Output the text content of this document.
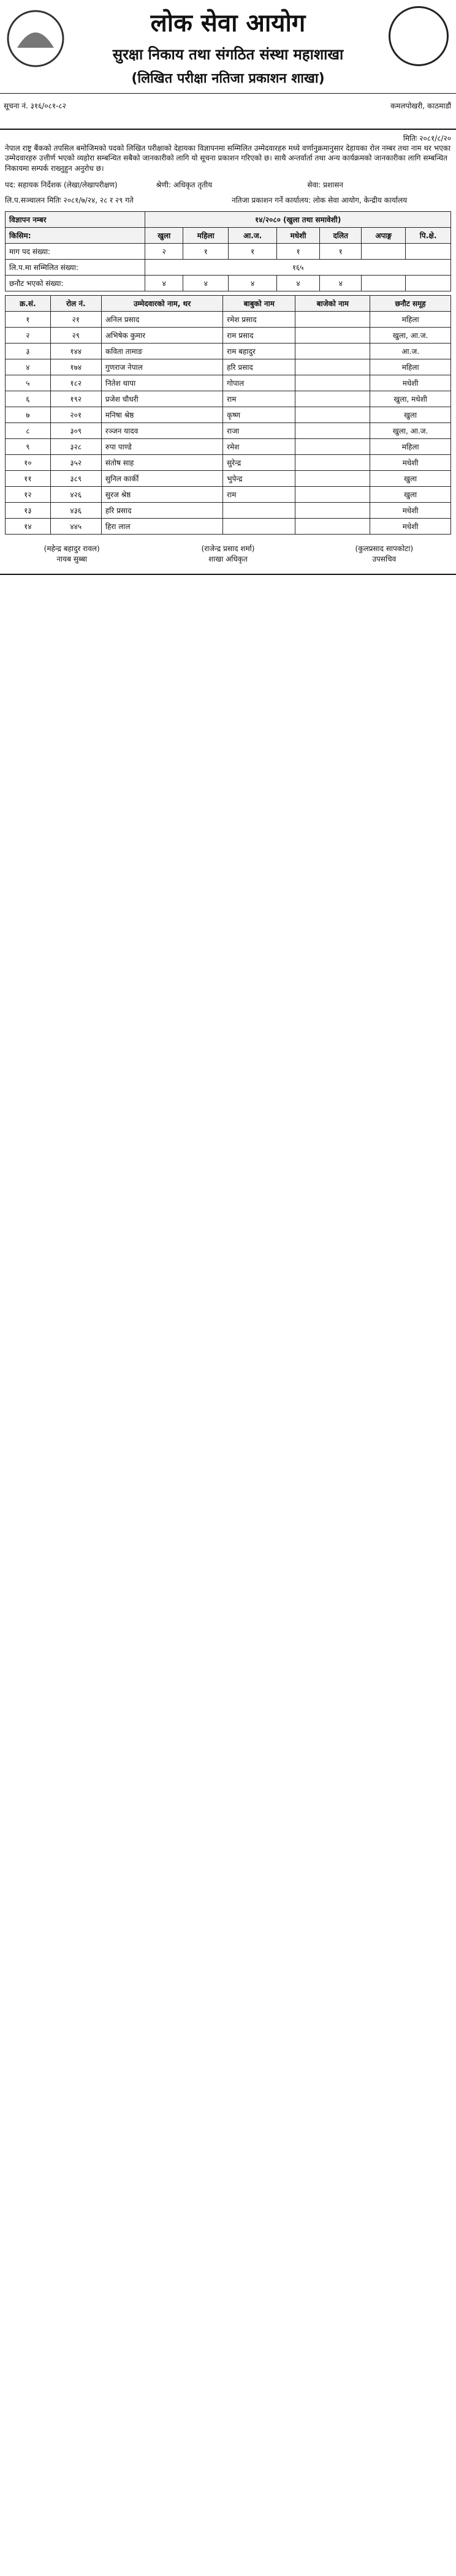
लोक सेवा आयोग
सुरक्षा निकाय तथा संगठित संस्था महाशाखा
(लिखित परीक्षा नतिजा प्रकाशन शाखा)
सूचना नं. ३१६/०८१-८२	कमलपोखरी, काठमाडौं
मितिः २०८१/८/२०
नेपाल राष्ट्र बैंकको तपसिल बमोजिमको पदको लिखित परीक्षाको देहायका विज्ञापनमा सम्मिलित उम्मेदवारहरु मध्ये वर्णानुक्रमानुसार देहायका रोल नम्बर तथा नाम थर भएका उम्मेदवारहरु उत्तीर्ण भएको व्यहोरा सम्बन्धित सबैको जानकारीको लागि यो सूचना प्रकाशन गरिएको छ। साथै अन्तर्वार्ता तथा अन्य कार्यक्रमको जानकारीका लागि सम्बन्धित निकायमा सम्पर्क राख्नुहुन अनुरोध छ।
पद: सहायक निर्देशक (लेखा/लेखापरीक्षण)	श्रेणी: अधिकृत तृतीय	सेवा: प्रशासन
लि.प.सञ्चालन मितिः २०८१/७/२४, २८ र २९ गते	नतिजा प्रकाशन गर्ने कार्यालय: लोक सेवा आयोग, केन्द्रीय कार्यालय
विज्ञापन नम्बर	१४/२०८० (खुला तथा समावेशी)						
किसिम:	खुला	महिला	आ.ज.	मधेशी	दलित	अपाङ्ग	पि.क्षे.
माग पद संख्या:	२	१	१	१	१		
लि.प.मा सम्मिलित संख्या:	१६५						
छनौट भएको संख्या:	४	४	४	४	४		
क्र.सं.	रोल नं.	उम्मेदवारको नाम, थर	बाबुको नाम	बाजेको नाम	छनौट समूह
१	२१	अनिल प्रसाद	रमेश प्रसाद		महिला
२	२९	अभिषेक कुमार	राम प्रसाद		खुला, आ.ज.
३	१४४	कविता तामाङ	राम बहादुर		आ.ज.
४	१७४	गुणराज नेपाल	हरि प्रसाद		महिला
५	१८२	नितेश थापा	गोपाल		मधेशी
६	१९२	प्रजेश चौधरी	राम		खुला, मधेशी
७	२०१	मनिषा श्रेष्ठ	कृष्ण		खुला
८	३०९	रञ्जन यादव	राजा		खुला, आ.ज.
९	३२८	रुपा पाण्डे	रमेश		महिला
१०	३५२	संतोष साह	सुरेन्द्र		मधेशी
११	३८९	सुनिल कार्की	भुपेन्द्र		खुला
१२	४२६	सुरज श्रेष्ठ	राम		खुला
१३	४३६	हरि प्रसाद			मधेशी
१४	४४५	हिरा लाल			मधेशी
(महेन्द्र बहादुर रावल)
नायब सुब्बा
(राजेन्द्र प्रसाद शर्मा)
शाखा अधिकृत
(कुलप्रसाद सापकोटा)
उपसचिव
